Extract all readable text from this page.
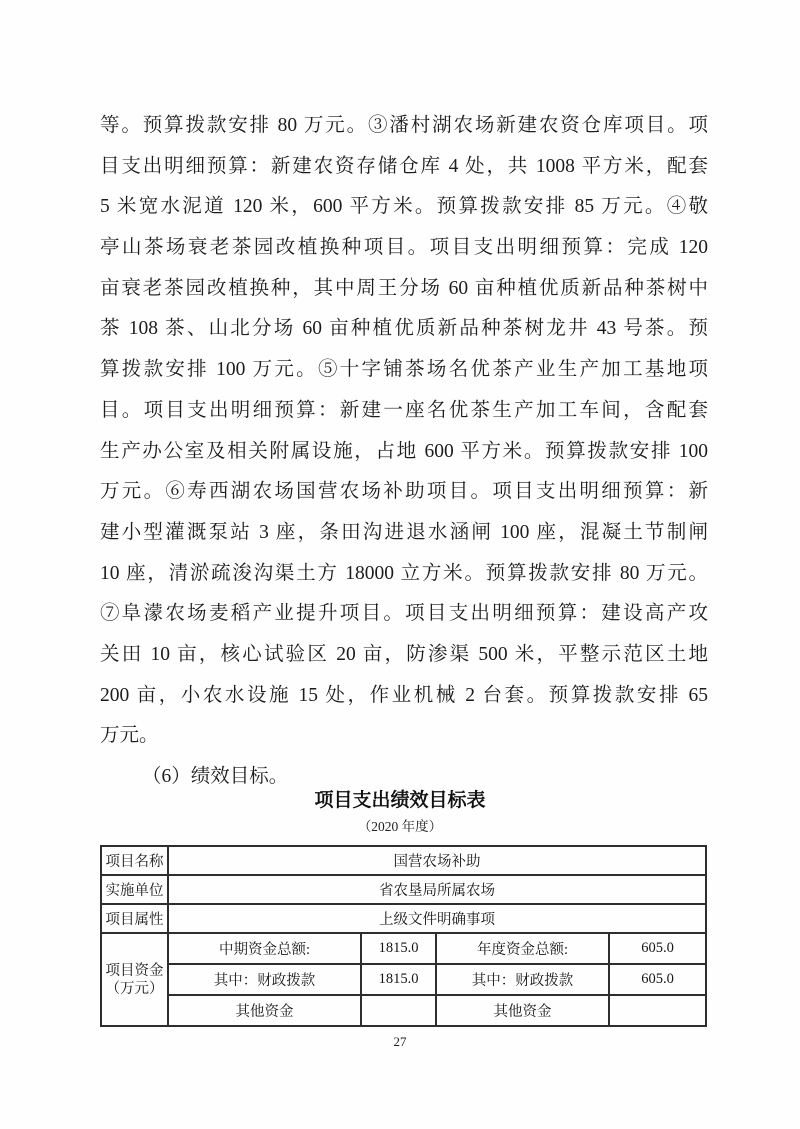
等。预算拨款安排 80 万元。③潘村湖农场新建农资仓库项目。项
目支出明细预算：新建农资存储仓库 4 处，共 1008 平方米，配套
5 米宽水泥道 120 米，600 平方米。预算拨款安排 85 万元。④敬
亭山茶场衰老茶园改植换种项目。项目支出明细预算：完成 120
亩衰老茶园改植换种，其中周王分场 60 亩种植优质新品种茶树中
茶 108 茶、山北分场 60 亩种植优质新品种茶树龙井 43 号茶。预
算拨款安排 100 万元。⑤十字铺茶场名优茶产业生产加工基地项
目。项目支出明细预算：新建一座名优茶生产加工车间，含配套
生产办公室及相关附属设施，占地 600 平方米。预算拨款安排 100
万元。⑥寿西湖农场国营农场补助项目。项目支出明细预算：新
建小型灌溉泵站 3 座，条田沟进退水涵闸 100 座，混凝土节制闸
10 座，清淤疏浚沟渠土方 18000 立方米。预算拨款安排 80 万元。
⑦阜濛农场麦稻产业提升项目。项目支出明细预算：建设高产攻
关田 10 亩，核心试验区 20 亩，防渗渠 500 米，平整示范区土地
200 亩，小农水设施 15 处，作业机械 2 台套。预算拨款安排 65
万元。
（6）绩效目标。
项目支出绩效目标表
（2020 年度）
项目名称	国营农场补助			
实施单位	省农垦局所属农场			
项目属性	上级文件明确事项			
项目资金（万元）	中期资金总额:	1815.0	年度资金总额:	605.0
	其中：财政拨款	1815.0	其中：财政拨款	605.0
	其他资金		其他资金	
27
